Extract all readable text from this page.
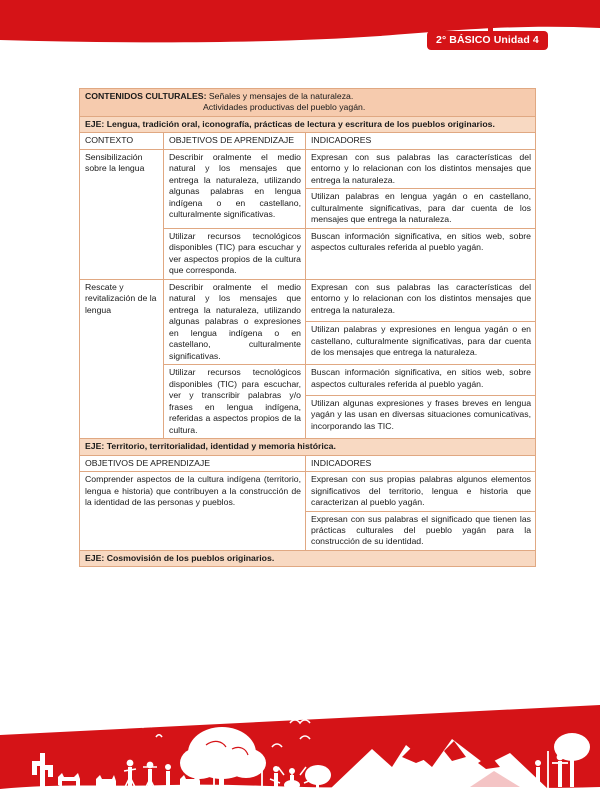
2° BÁSICO Unidad 4
CONTENIDOS CULTURALES: Señales y mensajes de la naturaleza.
Actividades productivas del pueblo yagán.		
EJE: Lengua, tradición oral, iconografía, prácticas de lectura y escritura de los pueblos originarios.		
CONTEXTO	OBJETIVOS DE APRENDIZAJE	INDICADORES
Sensibilización sobre la lengua	Describir oralmente el medio natural y los mensajes que entrega la naturaleza, utilizando algunas palabras en lengua indígena o en castellano, culturalmente significativas.	Expresan con sus palabras las características del entorno y lo relacionan con los distintos mensajes que entrega la naturaleza.
		Utilizan palabras en lengua yagán o en castellano, culturalmente significativas, para dar cuenta de los mensajes que entrega la naturaleza.
	Utilizar recursos tecnológicos disponibles (TIC) para escuchar y ver aspectos propios de la cultura que corresponda.	Buscan información significativa, en sitios web, sobre aspectos culturales referida al pueblo yagán.
Rescate y revitalización de la lengua	Describir oralmente el medio natural y los mensajes que entrega la naturaleza, utilizando algunas palabras o expresiones en lengua indígena o en castellano, culturalmente significativas.	Expresan con sus palabras las características del entorno y lo relacionan con los distintos mensajes que entrega la naturaleza.
		Utilizan palabras y expresiones en lengua yagán o en castellano, culturalmente significativas, para dar cuenta de los mensajes que entrega la naturaleza.
	Utilizar recursos tecnológicos disponibles (TIC) para escuchar, ver y transcribir palabras y/o frases en lengua indígena, referidas a aspectos propios de la cultura.	Buscan información significativa, en sitios web, sobre aspectos culturales referida al pueblo yagán.
		Utilizan algunas expresiones y frases breves en lengua yagán y las usan en diversas situaciones comunicativas, incorporando las TIC.
EJE: Territorio, territorialidad, identidad y memoria histórica.		
OBJETIVOS DE APRENDIZAJE		INDICADORES
Comprender aspectos de la cultura indígena (territorio, lengua e historia) que contribuyen a la construcción de la identidad de las personas y pueblos.		Expresan con sus propias palabras algunos elementos significativos del territorio, lengua e historia que caracterizan al pueblo yagán.
		Expresan con sus palabras el significado que tienen las prácticas culturales del pueblo yagán para la construcción de su identidad.
EJE: Cosmovisión de los pueblos originarios.		
